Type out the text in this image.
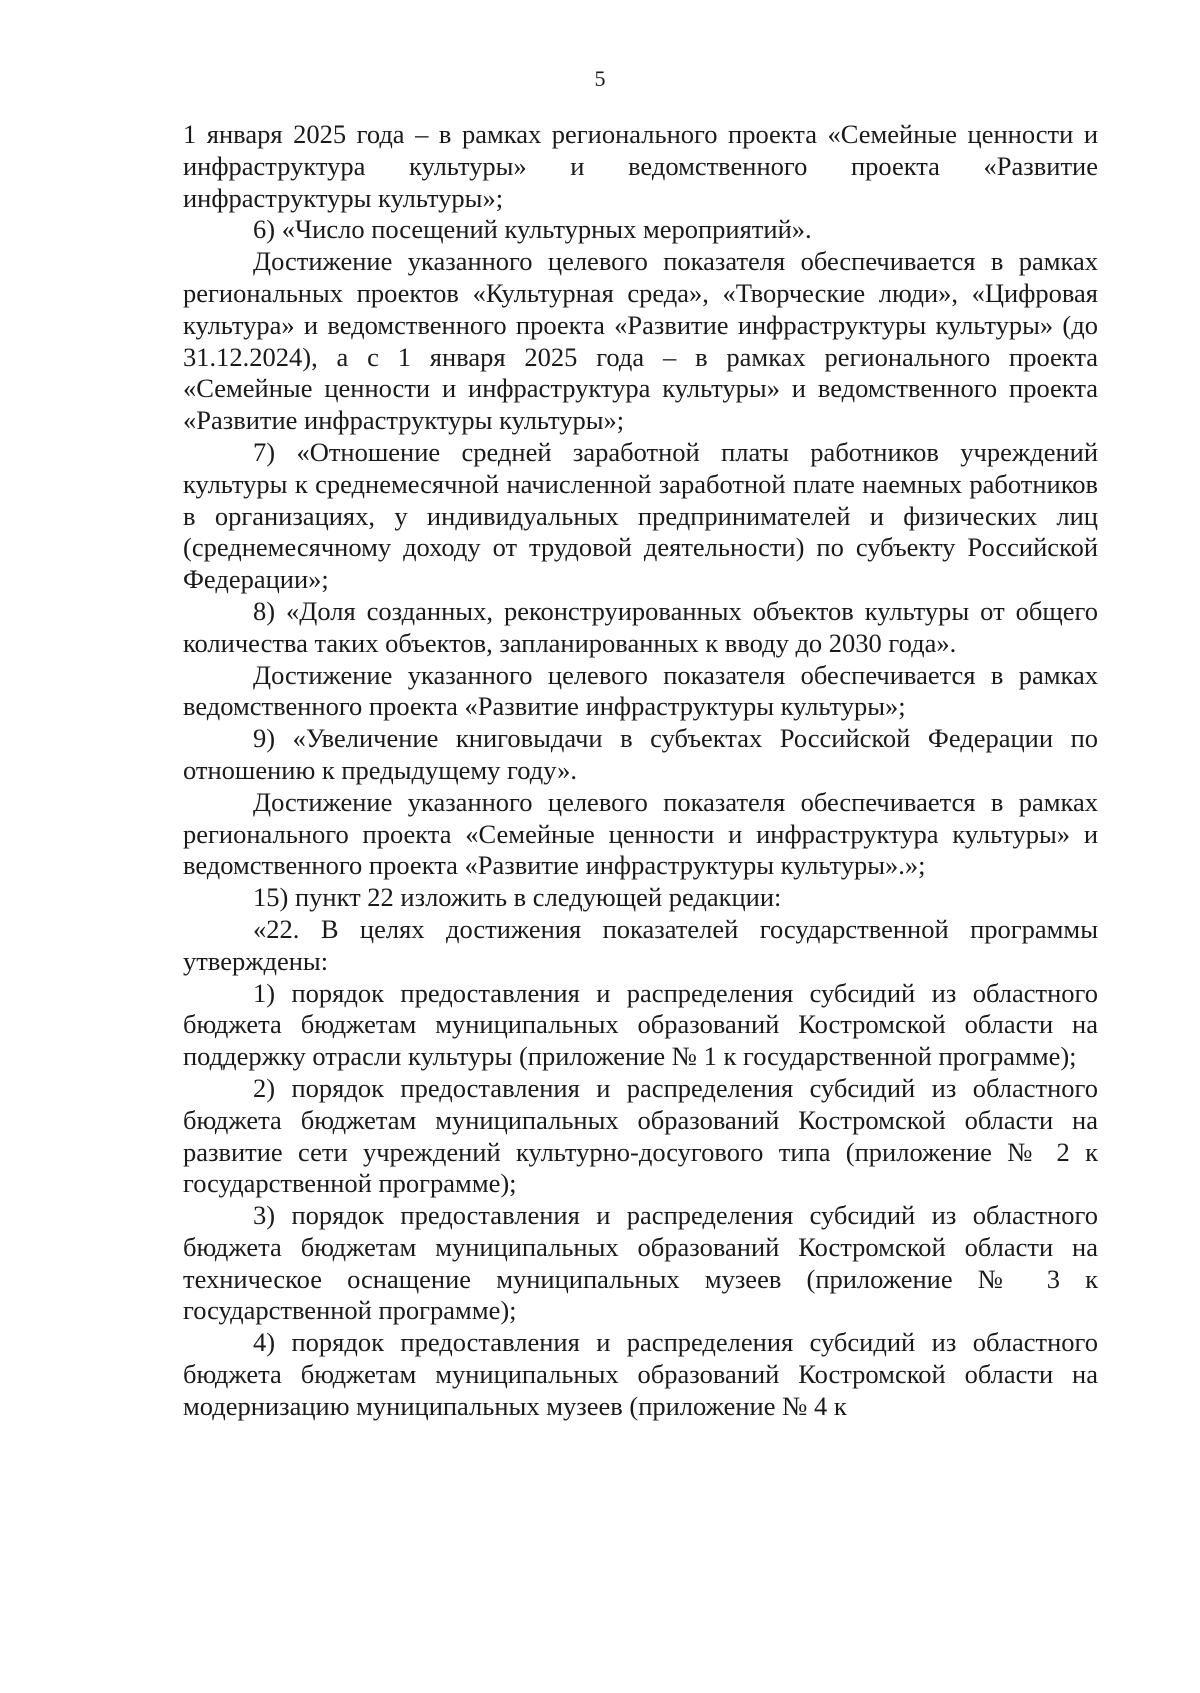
5

1 января 2025 года – в рамках регионального проекта «Семейные ценности и инфраструктура культуры» и ведомственного проекта «Развитие инфраструктуры культуры»;

6) «Число посещений культурных мероприятий».

Достижение указанного целевого показателя обеспечивается в рамках региональных проектов «Культурная среда», «Творческие люди», «Цифровая культура» и ведомственного проекта «Развитие инфраструктуры культуры» (до 31.12.2024), а с 1 января 2025 года – в рамках регионального проекта «Семейные ценности и инфраструктура культуры» и ведомственного проекта «Развитие инфраструктуры культуры»;

7) «Отношение средней заработной платы работников учреждений культуры к среднемесячной начисленной заработной плате наемных работников в организациях, у индивидуальных предпринимателей и физических лиц (среднемесячному доходу от трудовой деятельности) по субъекту Российской Федерации»;

8) «Доля созданных, реконструированных объектов культуры от общего количества таких объектов, запланированных к вводу до 2030 года».

Достижение указанного целевого показателя обеспечивается в рамках ведомственного проекта «Развитие инфраструктуры культуры»;

9) «Увеличение книговыдачи в субъектах Российской Федерации по отношению к предыдущему году».

Достижение указанного целевого показателя обеспечивается в рамках регионального проекта «Семейные ценности и инфраструктура культуры» и ведомственного проекта «Развитие инфраструктуры культуры».»;

15) пункт 22 изложить в следующей редакции:

«22. В целях достижения показателей государственной программы утверждены:

1) порядок предоставления и распределения субсидий из областного бюджета бюджетам муниципальных образований Костромской области на поддержку отрасли культуры (приложение № 1 к государственной программе);

2) порядок предоставления и распределения субсидий из областного бюджета бюджетам муниципальных образований Костромской области на развитие сети учреждений культурно-досугового типа (приложение № 2 к государственной программе);

3) порядок предоставления и распределения субсидий из областного бюджета бюджетам муниципальных образований Костромской области на техническое оснащение муниципальных музеев (приложение № 3 к государственной программе);

4) порядок предоставления и распределения субсидий из областного бюджета бюджетам муниципальных образований Костромской области на модернизацию муниципальных музеев (приложение № 4 к
